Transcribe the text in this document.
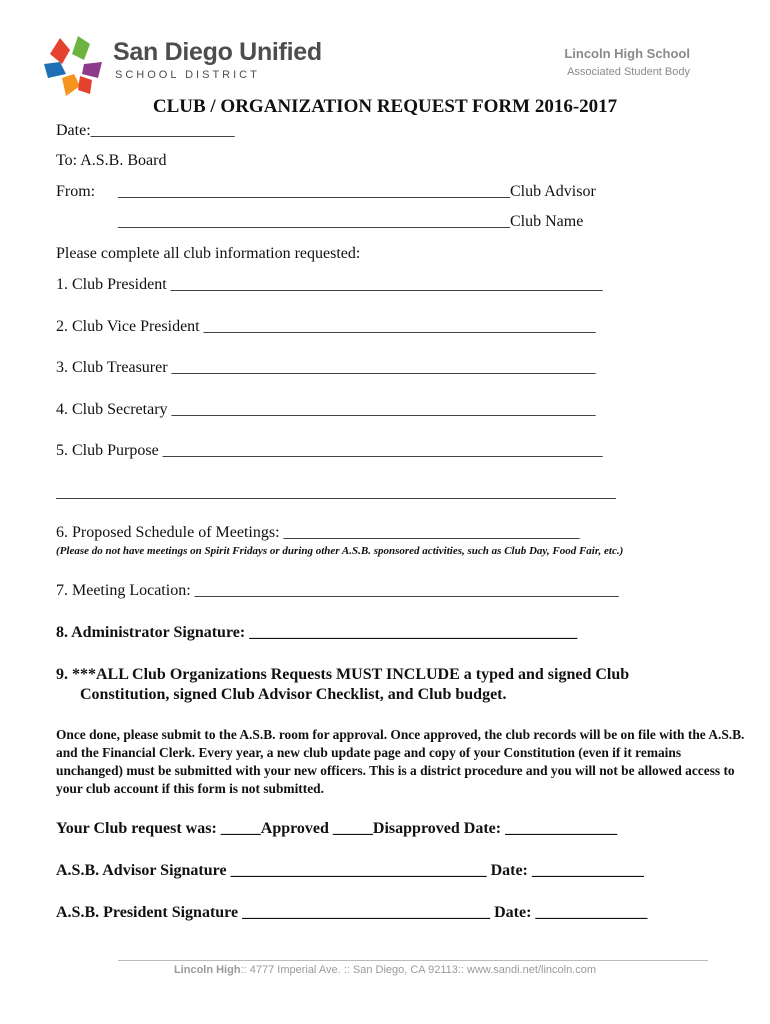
San Diego Unified
SCHOOL DISTRICT
Lincoln High School
Associated Student Body
CLUB / ORGANIZATION REQUEST FORM 2016-2017
Date:__________________
To: A.S.B. Board
From: _________________________________________________Club Advisor
_________________________________________________Club Name
Please complete all club information requested:
1. Club President ______________________________________________________
2. Club Vice President _________________________________________________
3. Club Treasurer _____________________________________________________
4. Club Secretary _____________________________________________________
5. Club Purpose _______________________________________________________
______________________________________________________________________
6. Proposed Schedule of Meetings: _____________________________________
(Please do not have meetings on Spirit Fridays or during other A.S.B. sponsored activities, such as Club Day, Food Fair, etc.)
7. Meeting Location: _____________________________________________________
8. Administrator Signature: _________________________________________
9. ***ALL Club Organizations Requests MUST INCLUDE a typed and signed Club
Constitution, signed Club Advisor Checklist, and Club budget.
Once done, please submit to the A.S.B. room for approval. Once approved, the club records will be on file with the A.S.B. and the Financial Clerk. Every year, a new club update page and copy of your Constitution (even if it remains unchanged) must be submitted with your new officers. This is a district procedure and you will not be allowed access to your club account if this form is not submitted.
Your Club request was: _____Approved _____Disapproved Date: ______________
A.S.B. Advisor Signature ________________________________ Date: ______________
A.S.B. President Signature _______________________________ Date: ______________
Lincoln High:: 4777 Imperial Ave. :: San Diego, CA 92113:: www.sandi.net/lincoln.com
